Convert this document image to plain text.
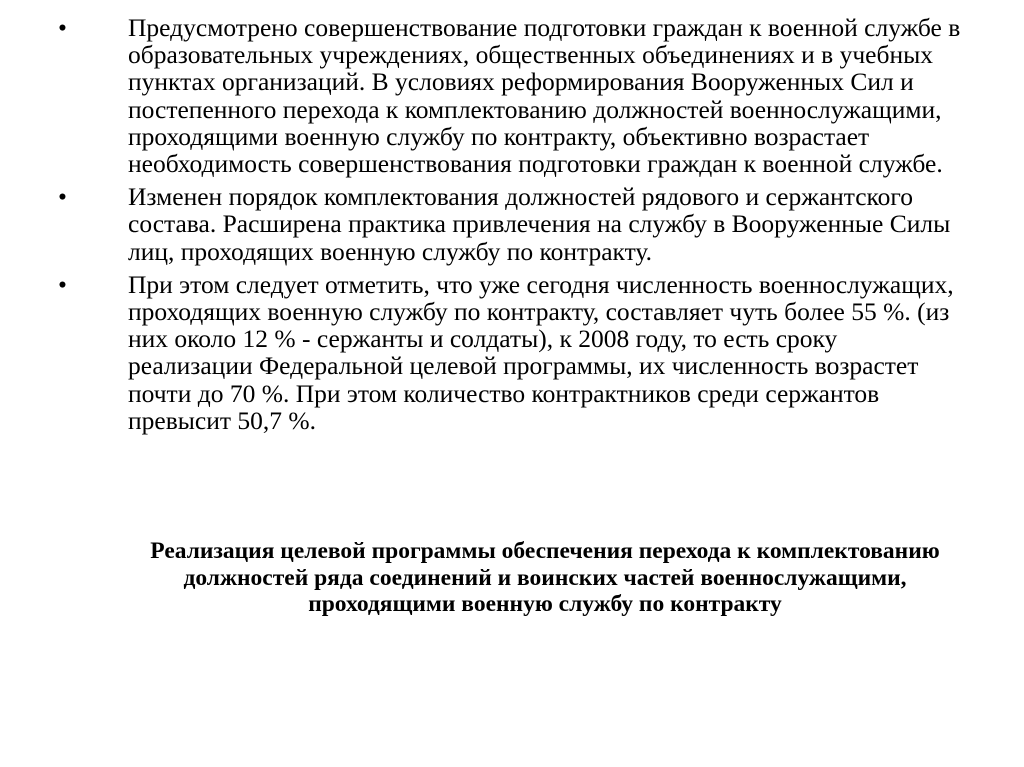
•	Предусмотрено совершенствование подготовки граждан к военной службе в образовательных учреждениях, общественных объединениях и в учебных пунктах организаций. В условиях реформирования Вооруженных Сил и постепенного перехода к комплектованию должностей военнослужащими, проходящими военную службу по контракту, объективно возрастает необходимость совершенствования подготовки граждан к военной службе.
•	Изменен порядок комплектования должностей рядового и сержантского состава. Расширена практика привлечения на службу в Вооруженные Силы лиц, проходящих военную службу по контракту.
•	При этом следует отметить, что уже сегодня численность военнослужащих, проходящих военную службу по контракту, составляет чуть более 55 %. (из них около 12 % - сержанты и солдаты), к 2008 году, то есть сроку реализации Федеральной целевой программы, их численность возрастет почти до 70 %. При этом количество контрактников среди сержантов превысит 50,7 %.

Реализация целевой программы обеспечения перехода к комплектованию должностей ряда соединений и воинских частей военнослужащими, проходящими военную службу по контракту
